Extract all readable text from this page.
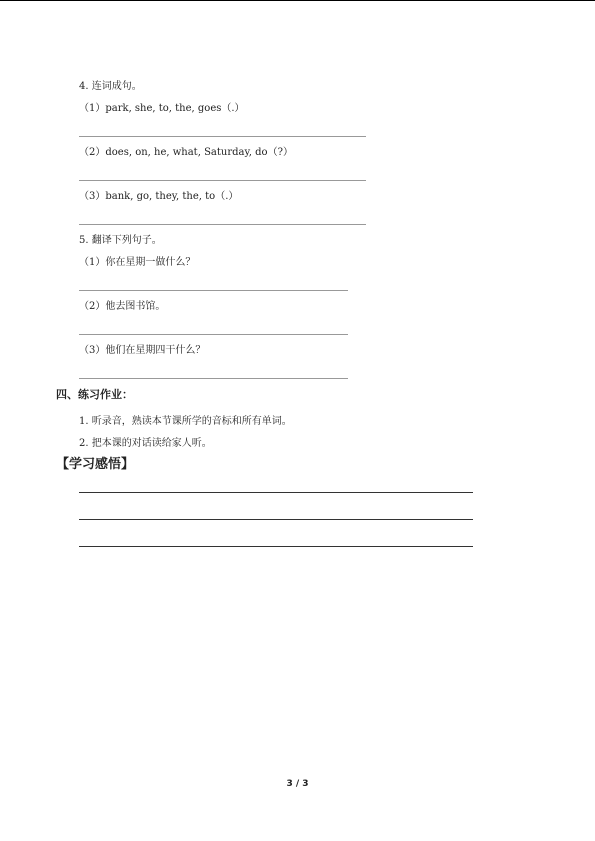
4. 连词成句。
（1）park, she, to, the, goes（.）
（2）does, on, he, what, Saturday, do（?）
（3）bank, go, they, the, to（.）
5. 翻译下列句子。
（1）你在星期一做什么？
（2）他去图书馆。
（3）他们在星期四干什么？
四、练习作业：
1. 听录音，熟读本节课所学的音标和所有单词。
2. 把本课的对话读给家人听。
【学习感悟】
3 / 3
